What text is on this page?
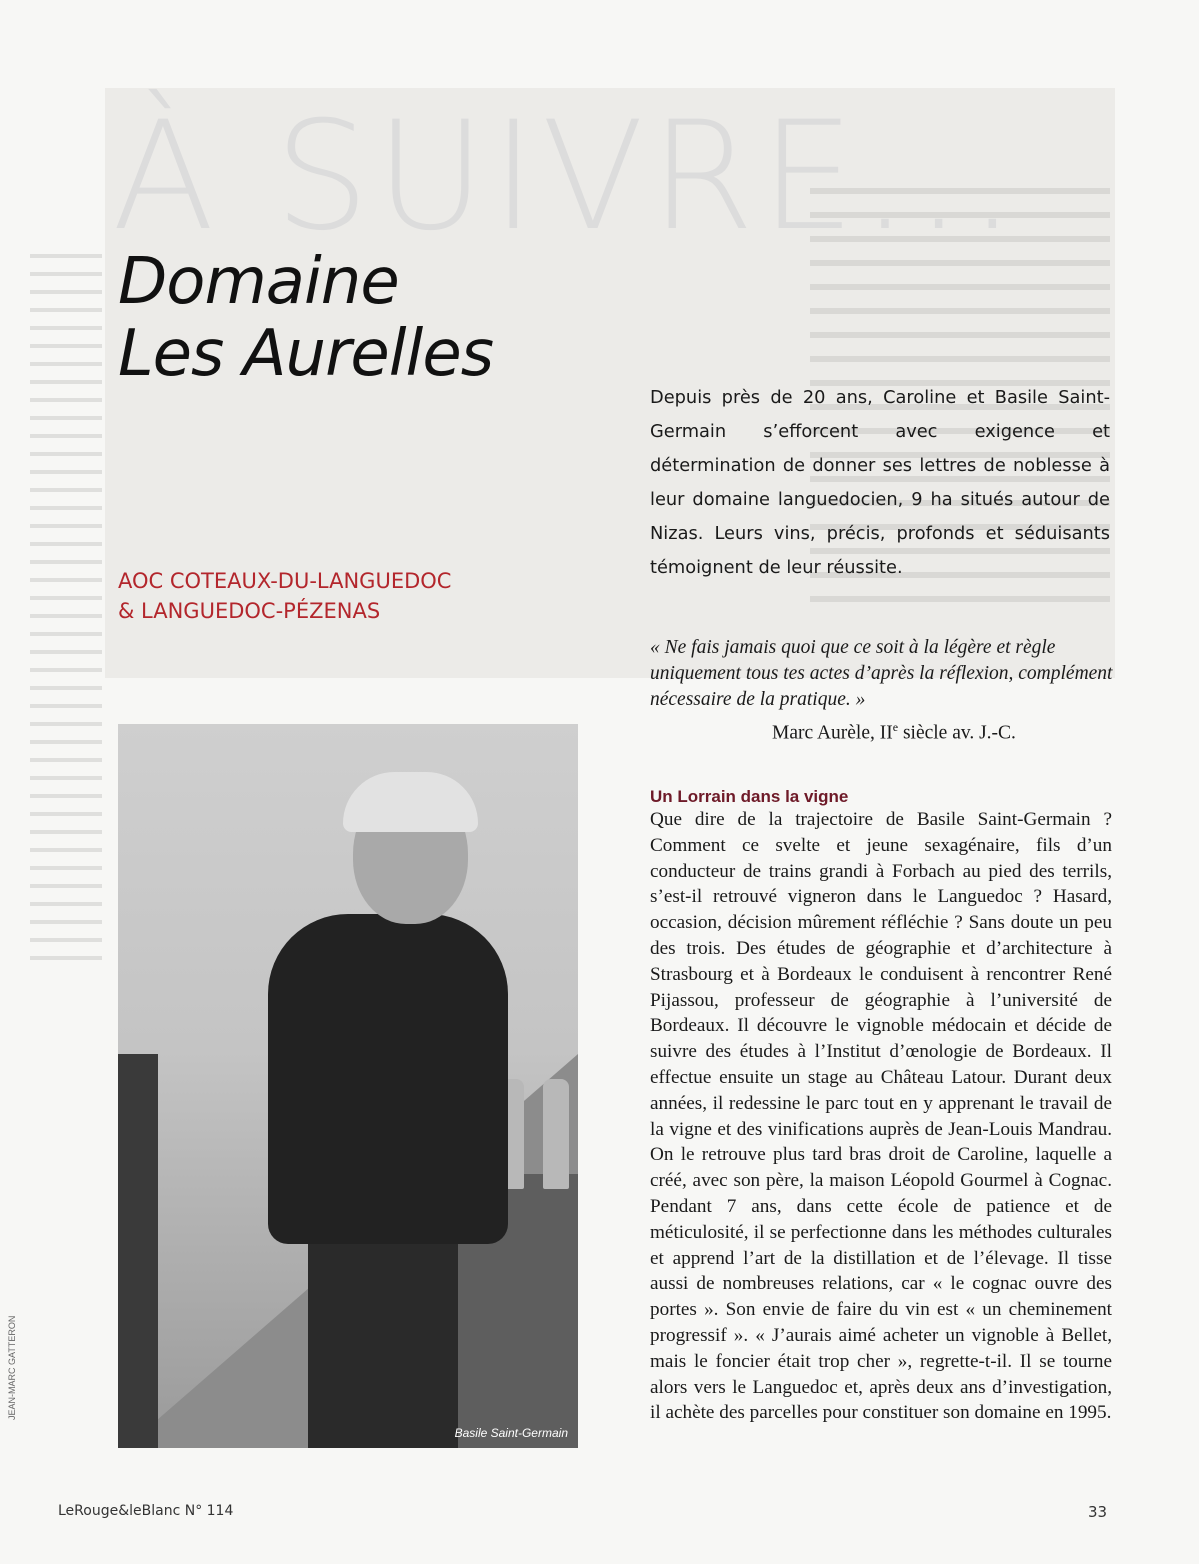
À SUIVRE...
Domaine
Les Aurelles
AOC COTEAUX-DU-LANGUEDOC
& LANGUEDOC-PÉZENAS
Depuis près de 20 ans, Caroline et Basile Saint-Germain s’efforcent avec exigence et détermination de donner ses lettres de noblesse à leur domaine languedocien, 9 ha situés autour de Nizas. Leurs vins, précis, profonds et séduisants témoignent de leur réussite.
« Ne fais jamais quoi que ce soit à la légère et règle uniquement tous tes actes d’après la réflexion, complément nécessaire de la pratique. »
Marc Aurèle, IIe siècle av. J.-C.
Un Lorrain dans la vigne
Que dire de la trajectoire de Basile Saint-Germain ? Comment ce svelte et jeune sexagénaire, fils d’un conducteur de trains grandi à Forbach au pied des terrils, s’est-il retrouvé vigneron dans le Languedoc ? Hasard, occasion, décision mûrement réfléchie ? Sans doute un peu des trois. Des études de géographie et d’architecture à Strasbourg et à Bordeaux le conduisent à rencontrer René Pijassou, professeur de géographie à l’université de Bordeaux. Il découvre le vignoble médocain et décide de suivre des études à l’Institut d’œnologie de Bordeaux. Il effectue ensuite un stage au Château Latour. Durant deux années, il redessine le parc tout en y apprenant le travail de la vigne et des vinifications auprès de Jean-Louis Mandrau. On le retrouve plus tard bras droit de Caroline, laquelle a créé, avec son père, la maison Léopold Gourmel à Cognac. Pendant 7 ans, dans cette école de patience et de méticulosité, il se perfectionne dans les méthodes culturales et apprend l’art de la distillation et de l’élevage. Il tisse aussi de nombreuses relations, car « le cognac ouvre des portes ». Son envie de faire du vin est « un cheminement progressif ». « J’aurais aimé acheter un vignoble à Bellet, mais le foncier était trop cher », regrette-t-il. Il se tourne alors vers le Languedoc et, après deux ans d’investigation, il achète des parcelles pour constituer son domaine en 1995.
Basile Saint-Germain
JEAN-MARC GATTERON
LeRouge&leBlanc N° 114	33
